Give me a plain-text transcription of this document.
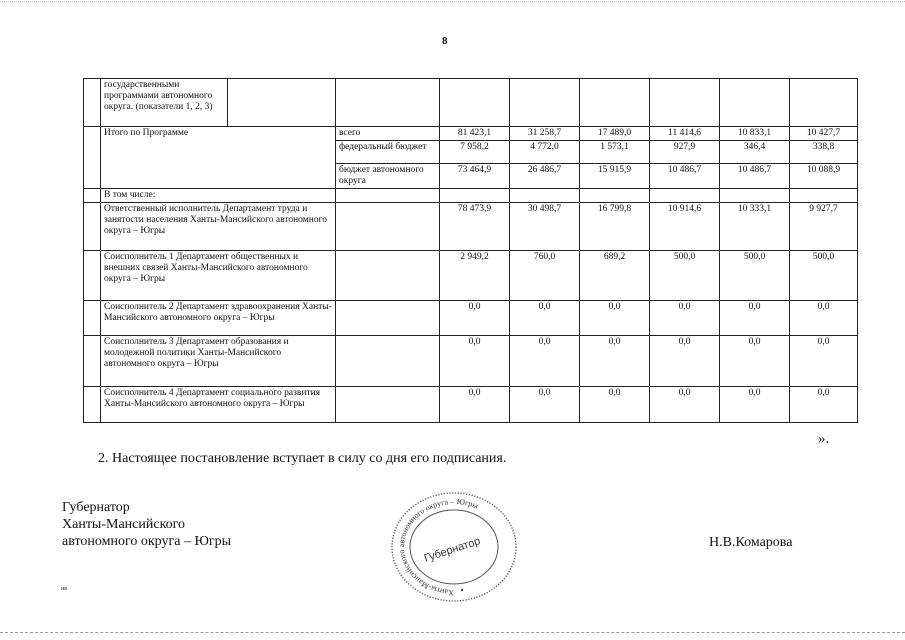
8

	государственными программами автономного округа. (показатели 1, 2, 3)								

	Итого по Программе		всего	81 423,1	31 258,7	17 489,0	11 414,6	10 833,1	10 427,7
			федеральный бюджет	7 958,2	4 772,0	1 573,1	927,9	346,4	338,8
			бюджет автономного округа	73 464,9	26 486,7	15 915,9	10 486,7	10 486,7	10 088,9
	В том числе:								
	Ответственный исполнитель Департамент труда и занятости населения Ханты-Мансийского автономного округа – Югры			78 473,9	30 498,7	16 799,8	10 914,6	10 333,1	9 927,7
	Соисполнитель 1 Департамент общественных и внешних связей Ханты-Мансийского автономного округа – Югры			2 949,2	760,0	689,2	500,0	500,0	500,0
	Соисполнитель 2 Департамент здравоохранения Ханты-Мансийского автономного округа – Югры			0,0	0,0	0,0	0,0	0,0	0,0
	Соисполнитель 3 Департамент образования и молодежной политики Ханты-Мансийского автономного округа – Югры			0,0	0,0	0,0	0,0	0,0	0,0
	Соисполнитель 4 Департамент социального развития Ханты-Мансийского автономного округа – Югры			0,0	0,0	0,0	0,0	0,0	0,0
».
2. Настоящее постановление вступает в силу со дня его подписания.
Губернатор
Ханты-Мансийского
автономного округа – Югры
Ханты-Мансийского автономного округа – Югры
Губернатор	Н.В.Комарова
нв
